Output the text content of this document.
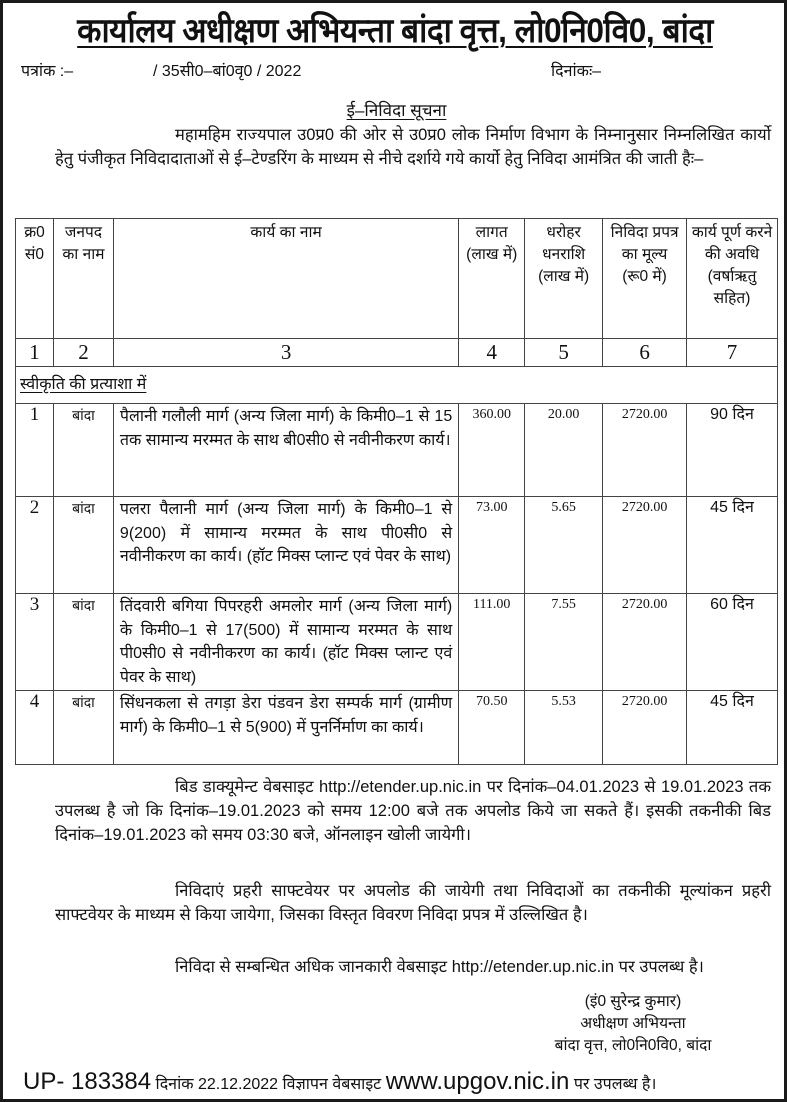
कार्यालय अधीक्षण अभियन्ता बांदा वृत्त, लो0नि0वि0, बांदा
पत्रांक :–	/ 35सी0–बां0वृ0 / 2022	दिनांकः–
ई–निविदा सूचना
महामहिम राज्यपाल उ0प्र0 की ओर से उ0प्र0 लोक निर्माण विभाग के निम्नानुसार निम्नलिखित कार्यो हेतु पंजीकृत निविदादाताओं से ई–टेण्डरिंग के माध्यम से नीचे दर्शाये गये कार्यो हेतु निविदा आमंत्रित की जाती हैः–
क्र0 सं0	जनपद का नाम	कार्य का नाम	लागत (लाख में)	धरोहर धनराशि (लाख में)	निविदा प्रपत्र का मूल्य (रू0 में)	कार्य पूर्ण करने की अवधि (वर्षाऋतु सहित)
1	2	3	4	5	6	7
स्वीकृति की प्रत्याशा में						
1	बांदा	पैलानी गलौली मार्ग (अन्य जिला मार्ग) के किमी0–1 से 15 तक सामान्य मरम्मत के साथ बी0सी0 से नवीनीकरण कार्य।	360.00	20.00	2720.00	90 दिन
2	बांदा	पलरा पैलानी मार्ग (अन्य जिला मार्ग) के किमी0–1 से 9(200) में सामान्य मरम्मत के साथ पी0सी0 से नवीनीकरण का कार्य। (हॉट मिक्स प्लान्ट एवं पेवर के साथ)	73.00	5.65	2720.00	45 दिन
3	बांदा	तिंदवारी बगिया पिपरहरी अमलोर मार्ग (अन्य जिला मार्ग) के किमी0–1 से 17(500) में सामान्य मरम्मत के साथ पी0सी0 से नवीनीकरण का कार्य। (हॉट मिक्स प्लान्ट एवं पेवर के साथ)	111.00	7.55	2720.00	60 दिन
4	बांदा	सिंधनकला से तगड़ा डेरा पंडवन डेरा सम्पर्क मार्ग (ग्रामीण मार्ग) के किमी0–1 से 5(900) में पुनर्निर्माण का कार्य।	70.50	5.53	2720.00	45 दिन
बिड डाक्यूमेन्ट वेबसाइट http://etender.up.nic.in पर दिनांक–04.01.2023 से 19.01.2023 तक उपलब्ध है जो कि दिनांक–19.01.2023 को समय 12:00 बजे तक अपलोड किये जा सकते हैं। इसकी तकनीकी बिड दिनांक–19.01.2023 को समय 03:30 बजे, ऑनलाइन खोली जायेगी।
निविदाएं प्रहरी साफ्टवेयर पर अपलोड की जायेगी तथा निविदाओं का तकनीकी मूल्यांकन प्रहरी साफ्टवेयर के माध्यम से किया जायेगा, जिसका विस्तृत विवरण निविदा प्रपत्र में उल्लिखित है।
निविदा से सम्बन्धित अधिक जानकारी वेबसाइट http://etender.up.nic.in पर उपलब्ध है।
(इं0 सुरेन्द्र कुमार)
अधीक्षण अभियन्ता
बांदा वृत्त, लो0नि0वि0, बांदा
UP- 183384 दिनांक 22.12.2022 विज्ञापन वेबसाइट www.upgov.nic.in पर उपलब्ध है।
